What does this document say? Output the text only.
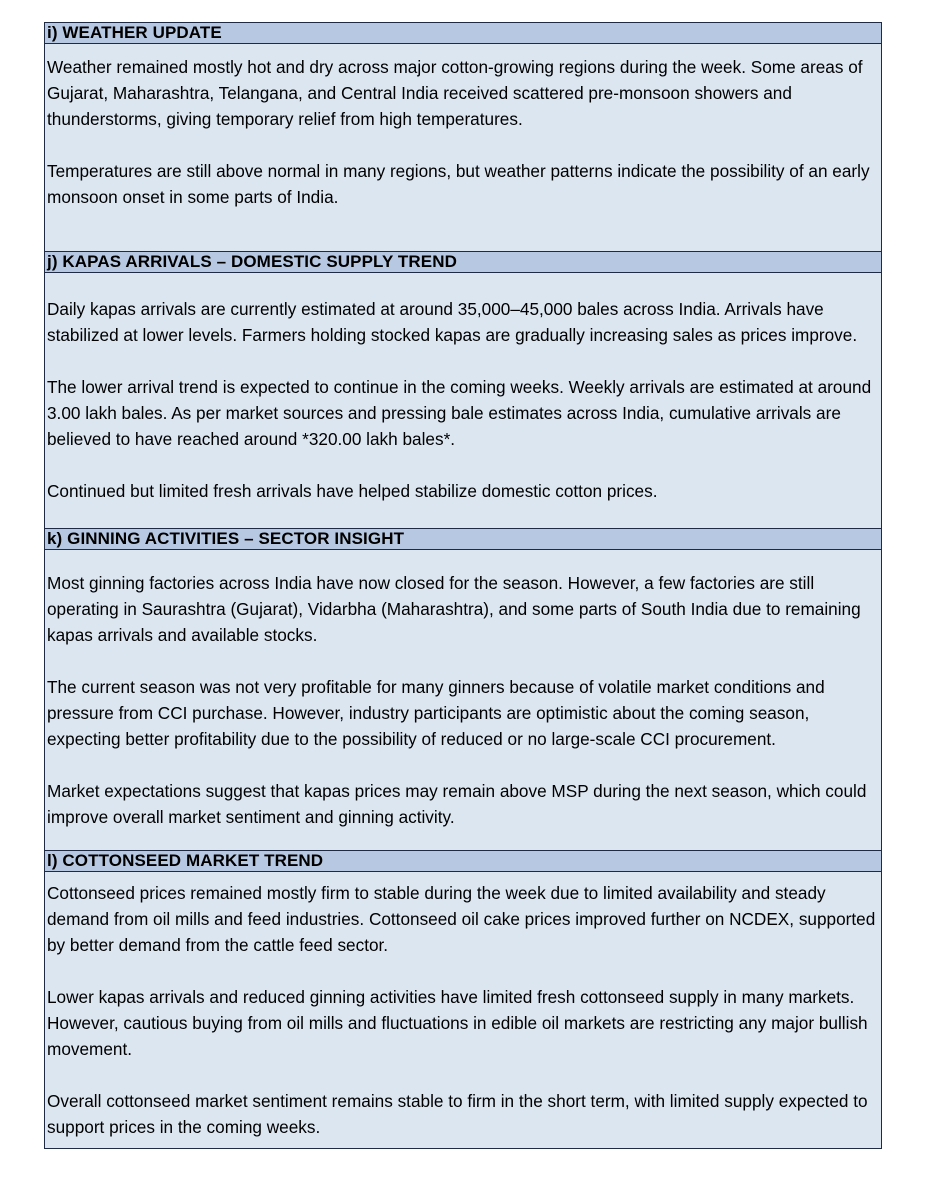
i) WEATHER UPDATE

Weather remained mostly hot and dry across major cotton-growing regions during the week. Some areas of Gujarat, Maharashtra, Telangana, and Central India received scattered pre-monsoon showers and thunderstorms, giving temporary relief from high temperatures.

Temperatures are still above normal in many regions, but weather patterns indicate the possibility of an early monsoon onset in some parts of India.

j) KAPAS ARRIVALS – DOMESTIC SUPPLY TREND

Daily kapas arrivals are currently estimated at around 35,000–45,000 bales across India. Arrivals have stabilized at lower levels. Farmers holding stocked kapas are gradually increasing sales as prices improve.

The lower arrival trend is expected to continue in the coming weeks. Weekly arrivals are estimated at around 3.00 lakh bales. As per market sources and pressing bale estimates across India, cumulative arrivals are believed to have reached around *320.00 lakh bales*.

Continued but limited fresh arrivals have helped stabilize domestic cotton prices.

k) GINNING ACTIVITIES – SECTOR INSIGHT

Most ginning factories across India have now closed for the season. However, a few factories are still operating in Saurashtra (Gujarat), Vidarbha (Maharashtra), and some parts of South India due to remaining kapas arrivals and available stocks.

The current season was not very profitable for many ginners because of volatile market conditions and pressure from CCI purchase. However, industry participants are optimistic about the coming season, expecting better profitability due to the possibility of reduced or no large-scale CCI procurement.

Market expectations suggest that kapas prices may remain above MSP during the next season, which could improve overall market sentiment and ginning activity.

l) COTTONSEED MARKET TREND

Cottonseed prices remained mostly firm to stable during the week due to limited availability and steady demand from oil mills and feed industries. Cottonseed oil cake prices improved further on NCDEX, supported by better demand from the cattle feed sector.

Lower kapas arrivals and reduced ginning activities have limited fresh cottonseed supply in many markets. However, cautious buying from oil mills and fluctuations in edible oil markets are restricting any major bullish movement.

Overall cottonseed market sentiment remains stable to firm in the short term, with limited supply expected to support prices in the coming weeks.
